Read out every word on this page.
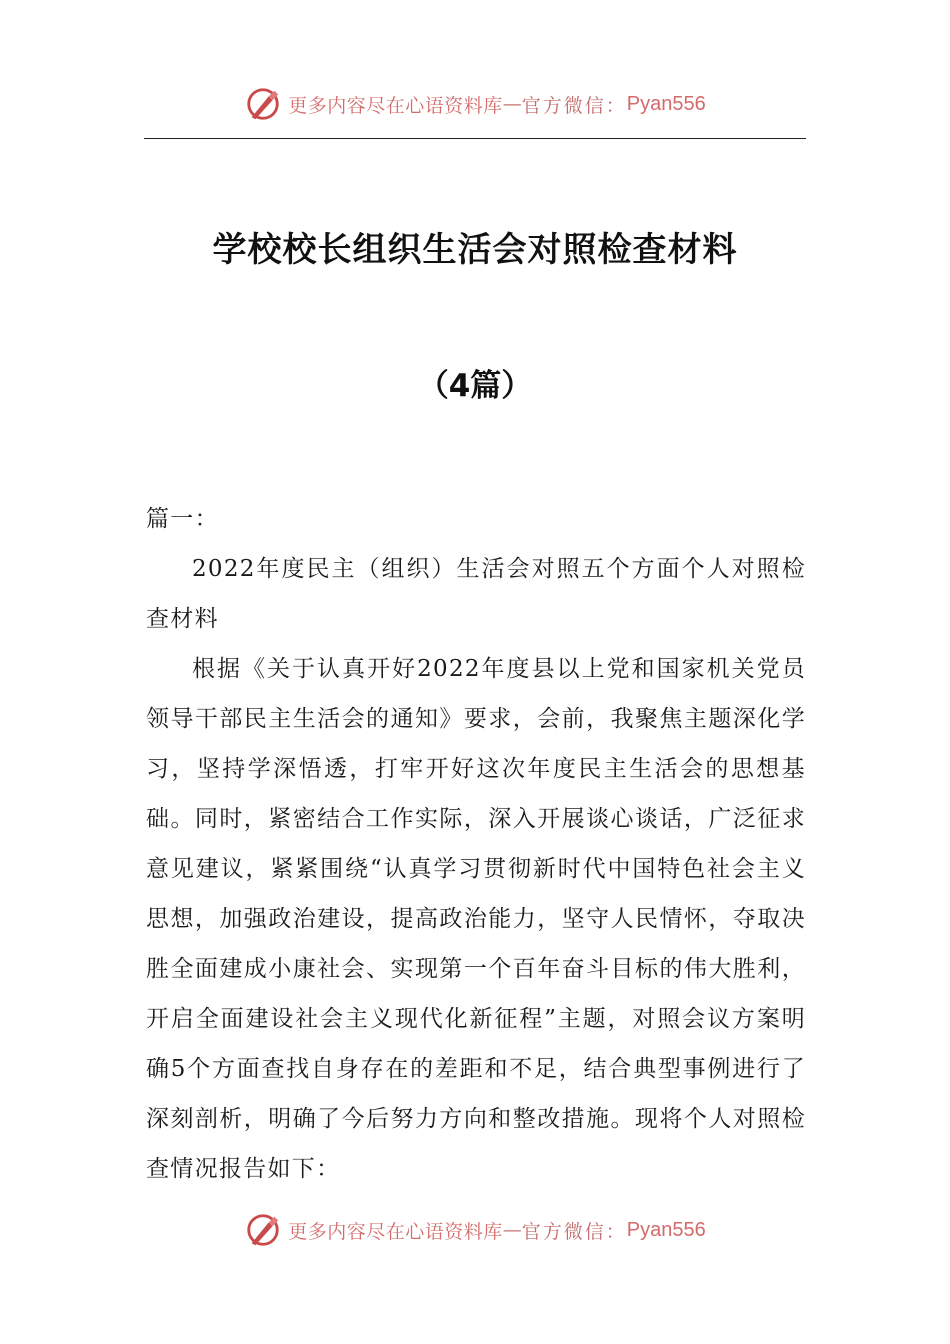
更多内容尽在心语资料库 — 官方微信： Pyan556
学校校长组织生活会对照检查材料
（4篇）

篇一：

2022年度民主（组织）生活会对照五个方面个人对照检查材料

根据《关于认真开好2022年度县以上党和国家机关党员领导干部民主生活会的通知》要求，会前，我聚焦主题深化学习，坚持学深悟透，打牢开好这次年度民主生活会的思想基础。同时，紧密结合工作实际，深入开展谈心谈话，广泛征求意见建议，紧紧围绕“认真学习贯彻新时代中国特色社会主义思想，加强政治建设，提高政治能力，坚守人民情怀，夺取决胜全面建成小康社会、实现第一个百年奋斗目标的伟大胜利，开启全面建设社会主义现代化新征程”主题，对照会议方案明确5个方面查找自身存在的差距和不足，结合典型事例进行了深刻剖析，明确了今后努力方向和整改措施。现将个人对照检查情况报告如下：

更多内容尽在心语资料库 — 官方微信： Pyan556
